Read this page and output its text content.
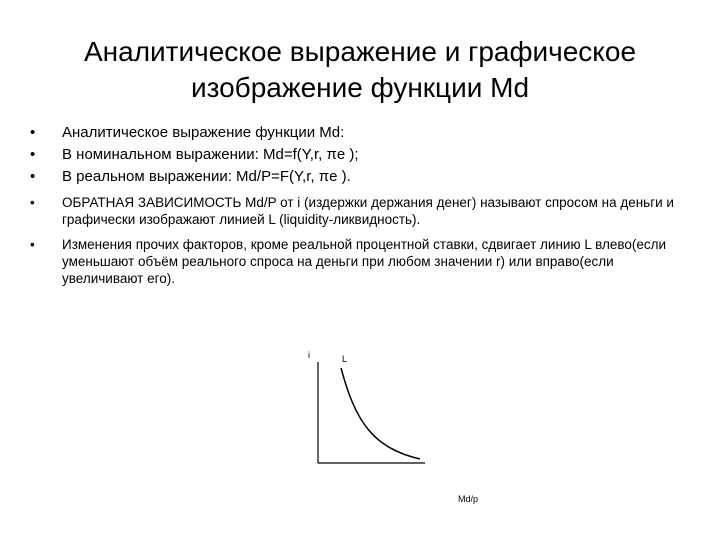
Аналитическое выражение и графическое
изображение функции Md
• Аналитическое выражение функции Md:
• В номинальном выражении: Md=f(Y,r, πe );
• В реальном выражении: Md/P=F(Y,r, πe ).
• ОБРАТНАЯ ЗАВИСИМОСТЬ Md/P от i (издержки держания денег) называют спросом на деньги и графически изображают линией L (liquidity-ликвидность).
• Изменения прочих факторов, кроме реальной процентной ставки, сдвигает линию L влево(если уменьшают объём реального спроса на деньги при любом значении r) или вправо(если увеличивают его).
i	L
Md/p
